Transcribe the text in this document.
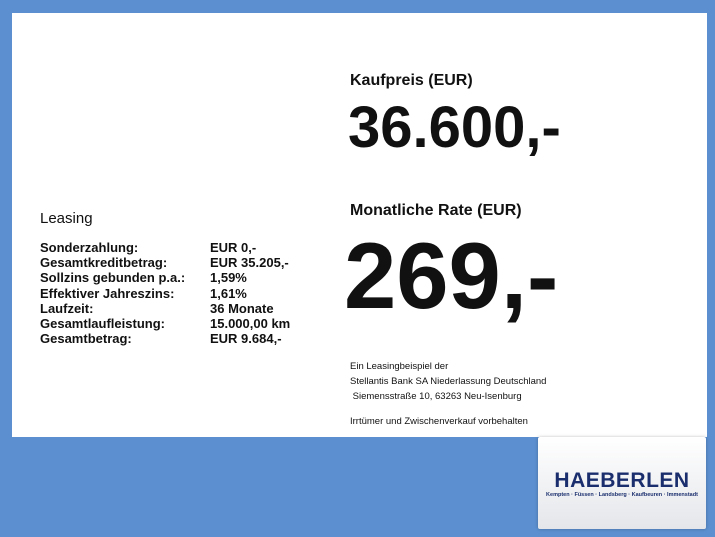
Leasing
Sonderzahlung:	EUR 0,-
Gesamtkreditbetrag:	EUR 35.205,-
Sollzins gebunden p.a.:	1,59%
Effektiver Jahreszins:	1,61%
Laufzeit:	36 Monate
Gesamtlaufleistung:	15.000,00 km
Gesamtbetrag:	EUR 9.684,-
Kaufpreis (EUR)
36.600,-
Monatliche Rate (EUR)
269,-
Ein Leasingbeispiel der
Stellantis Bank SA Niederlassung Deutschland
Siemensstraße 10, 63263 Neu-Isenburg
Irrtümer und Zwischenverkauf vorbehalten
HAEBERLEN
Kempten · Füssen · Landsberg · Kaufbeuren · Immenstadt
